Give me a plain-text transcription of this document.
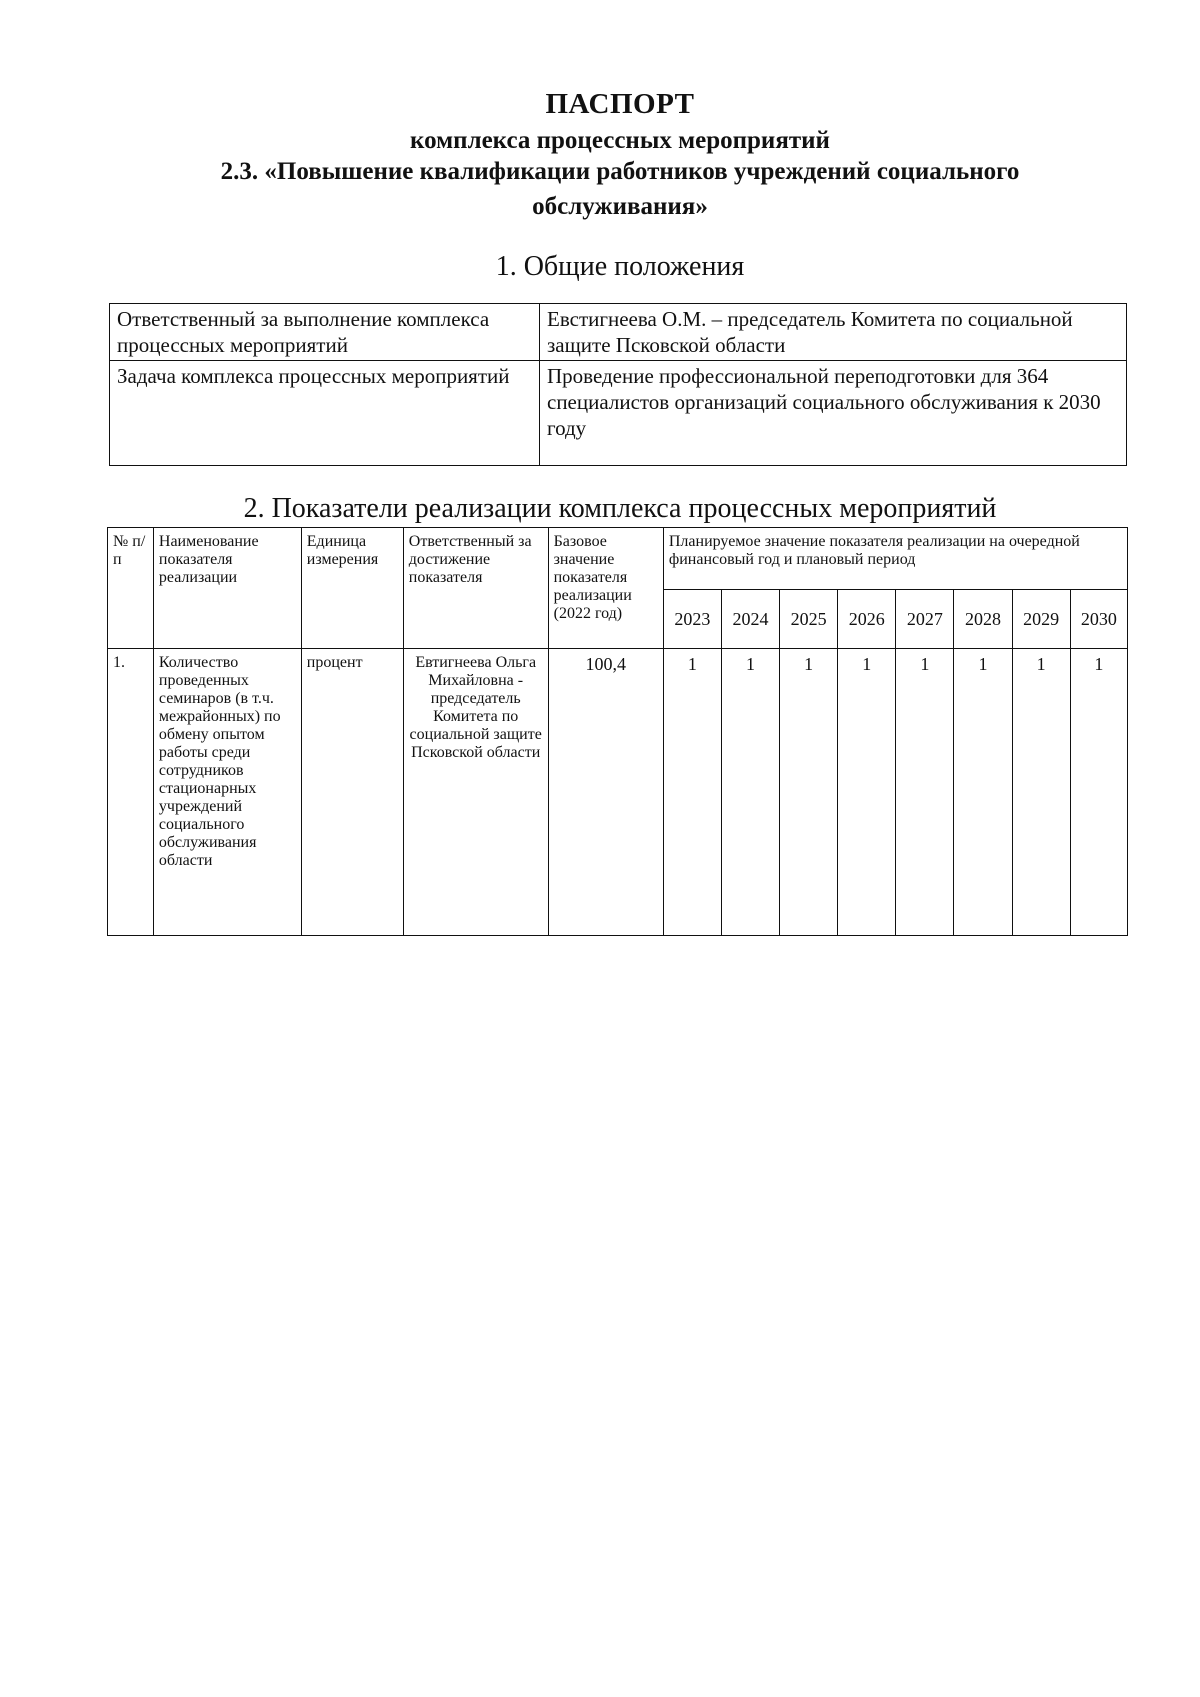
ПАСПОРТ
комплекса процессных мероприятий
2.3. «Повышение квалификации работников учреждений социального
обслуживания»
1. Общие положения
Ответственный за выполнение комплекса процессных мероприятий	Евстигнеева О.М. – председатель Комитета по социальной защите Псковской области
Задача комплекса процессных мероприятий	Проведение профессиональной переподготовки для 364 специалистов организаций социального обслуживания к 2030 году
2. Показатели реализации комплекса процессных мероприятий
№ п/п	Наименование показателя реализации	Единица измерения	Ответственный за достижение показателя	Базовое значение показателя реализации (2022 год)	Планируемое значение показателя реализации на очередной финансовый год и плановый период							
					2023	2024	2025	2026	2027	2028	2029	2030
1.	Количество проведенных семинаров (в т.ч. межрайонных) по обмену опытом работы среди сотрудников стационарных учреждений социального обслуживания области	процент	Евтигнеева Ольга Михайловна - председатель Комитета по социальной защите Псковской области	100,4	1	1	1	1	1	1	1	1
